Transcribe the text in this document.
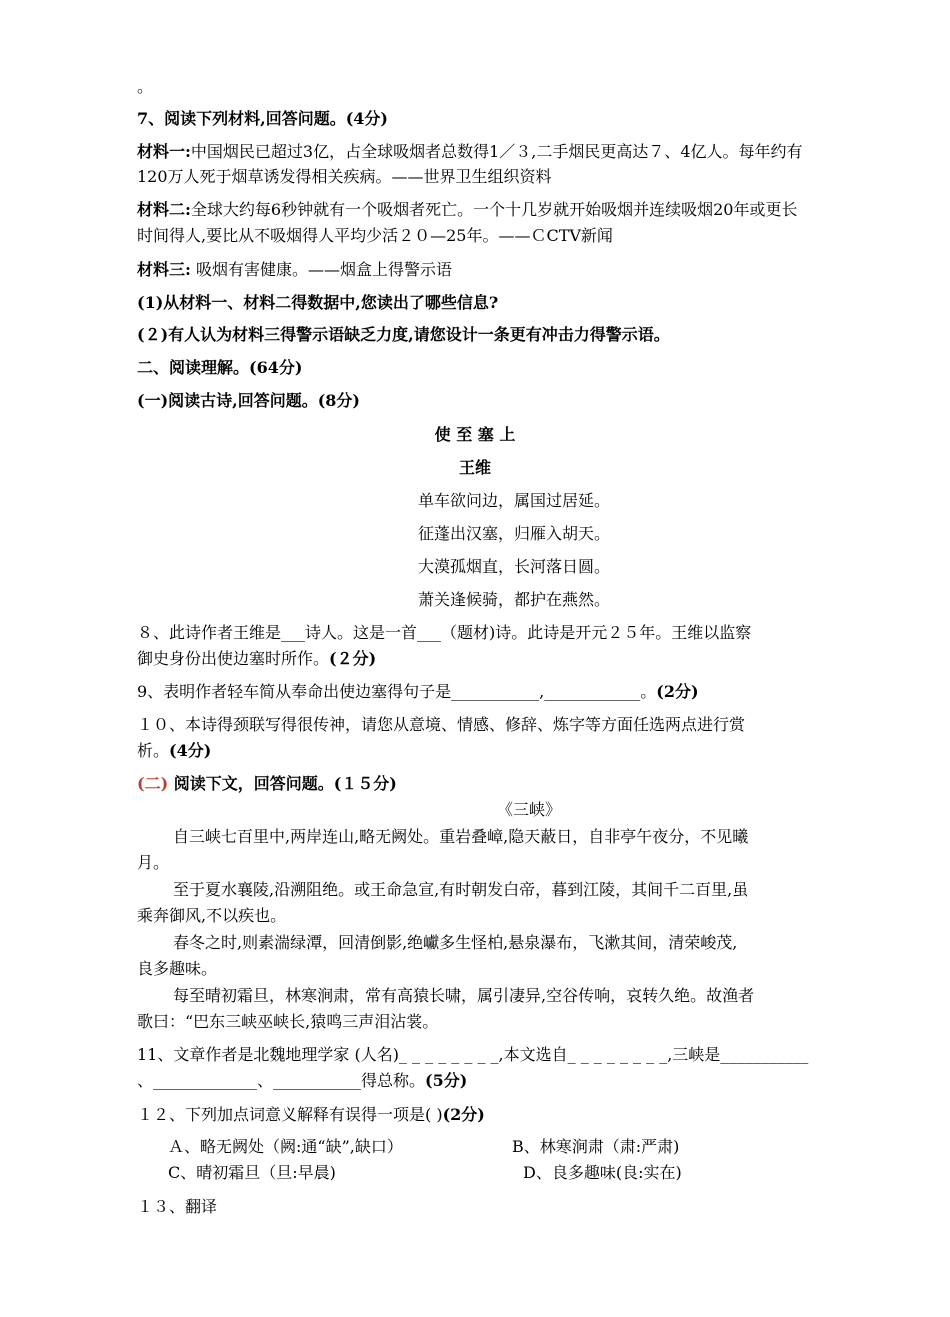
。
7、阅读下列材料,回答问题。(4分)
材料一:中国烟民已超过3亿，占全球吸烟者总数得1／３,二手烟民更高达７、4亿人。每年约有
120万人死于烟草诱发得相关疾病。——世界卫生组织资料
材料二:全球大约每6秒钟就有一个吸烟者死亡。一个十几岁就开始吸烟并连续吸烟20年或更长
时间得人,要比从不吸烟得人平均少活２０—25年。——ＣCTV新闻
材料三: 吸烟有害健康。——烟盒上得警示语
(1)从材料一、材料二得数据中,您读出了哪些信息?
(２)有人认为材料三得警示语缺乏力度,请您设计一条更有冲击力得警示语。
二、阅读理解。(64分)
(一)阅读古诗,回答问题。(8分)
使 至 塞 上
王维
单车欲问边，属国过居延。
征蓬出汉塞，归雁入胡天。
大漠孤烟直，长河落日圆。
萧关逢候骑，都护在燕然。
８、此诗作者王维是___诗人。这是一首___（题材)诗。此诗是开元２５年。王维以监察
御史身份出使边塞时所作。(２分)
9、表明作者轻车简从奉命出使边塞得句子是___________,____________。(2分)
１０、本诗得颈联写得很传神，请您从意境、情感、修辞、炼字等方面任选两点进行赏
析。(4分)
(二) 阅读下文，回答问题。(１５分)
《三峡》
自三峡七百里中,两岸连山,略无阙处。重岩叠嶂,隐天蔽日，自非亭午夜分，不见曦
月。
至于夏水襄陵,沿溯阻绝。或王命急宣,有时朝发白帝，暮到江陵，其间千二百里,虽
乘奔御风,不以疾也。
春冬之时,则素湍绿潭，回清倒影,绝巘多生怪柏,悬泉瀑布，飞漱其间，清荣峻茂,
良多趣味。
每至晴初霜旦，林寒涧肃，常有高猿长啸，属引凄异,空谷传响，哀转久绝。故渔者
歌曰：“巴东三峡巫峡长,猿鸣三声泪沾裳。
11、文章作者是北魏地理学家 (人名)_ _ _ _ _ _ _ _,本文选自_ _ _ _ _ _ _ _,三峡是___________
、_____________、___________得总称。(5分)
１２、下列加点词意义解释有误得一项是( )(2分)
Ａ、略无阙处（阙:通“缺”,缺口）	B、林寒涧肃（肃:严肃)
C、晴初霜旦（旦:早晨)	D、良多趣味(良:实在)
１３、翻译
